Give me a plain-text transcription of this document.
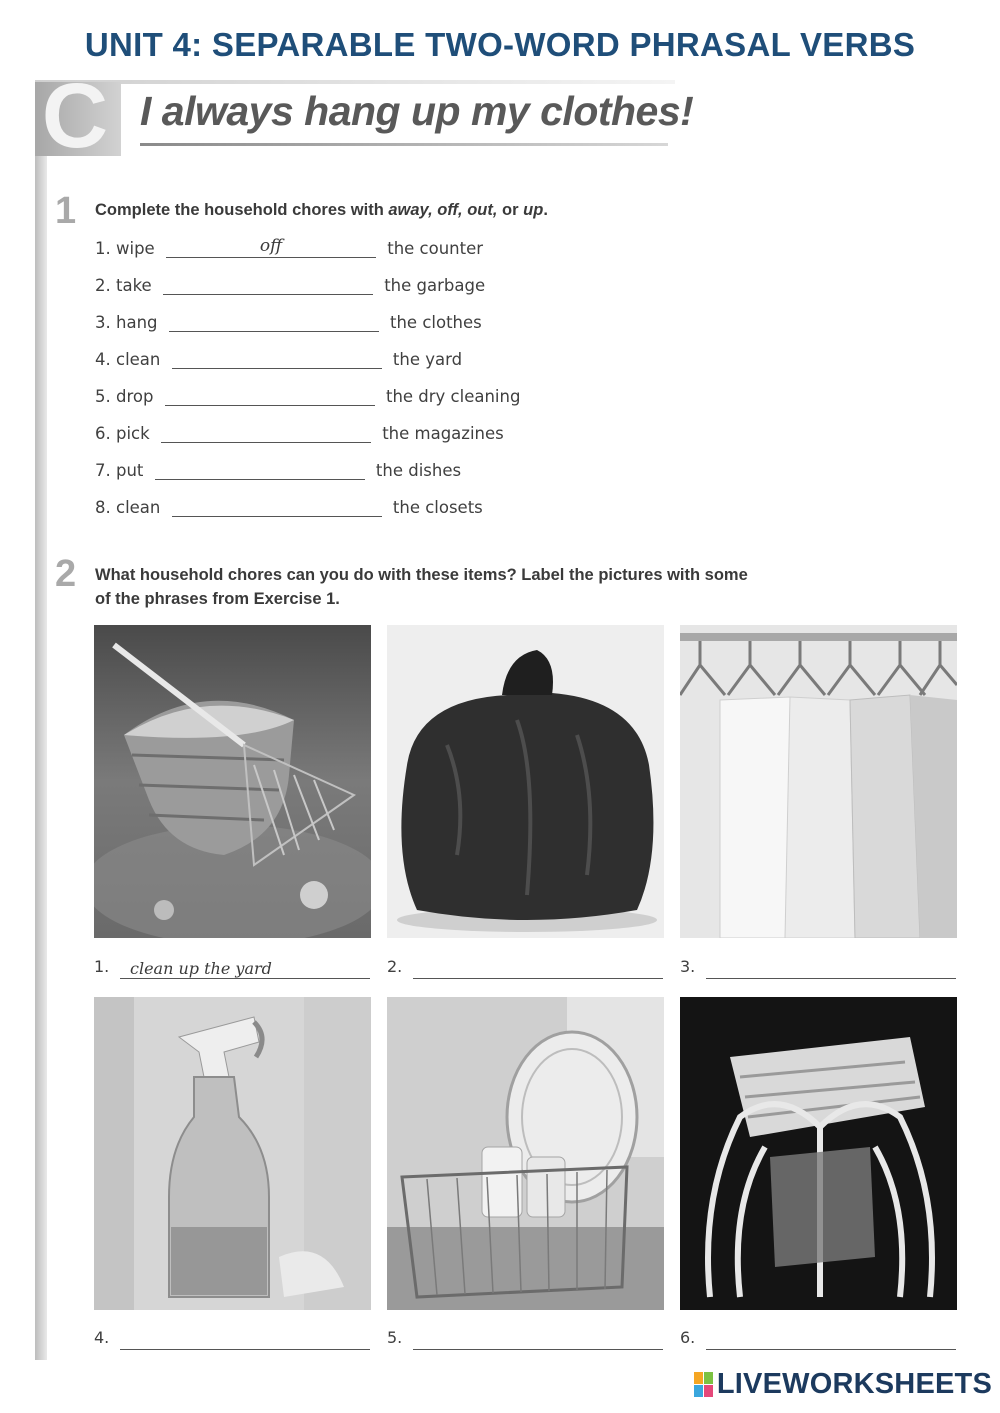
UNIT 4: SEPARABLE TWO-WORD PHRASAL VERBS
C I always hang up my clothes!
1 Complete the household chores with away, off, out, or up.
1. wipe	off	the counter
2. take	the garbage
3. hang	the clothes
4. clean	the yard
5. drop	the dry cleaning
6. pick	the magazines
7. put	the dishes
8. clean	the closets
2 What household chores can you do with these items? Label the pictures with some
of the phrases from Exercise 1.
1. clean up the yard	2.	3.
4.	5.	6.
LIVEWORKSHEETS
